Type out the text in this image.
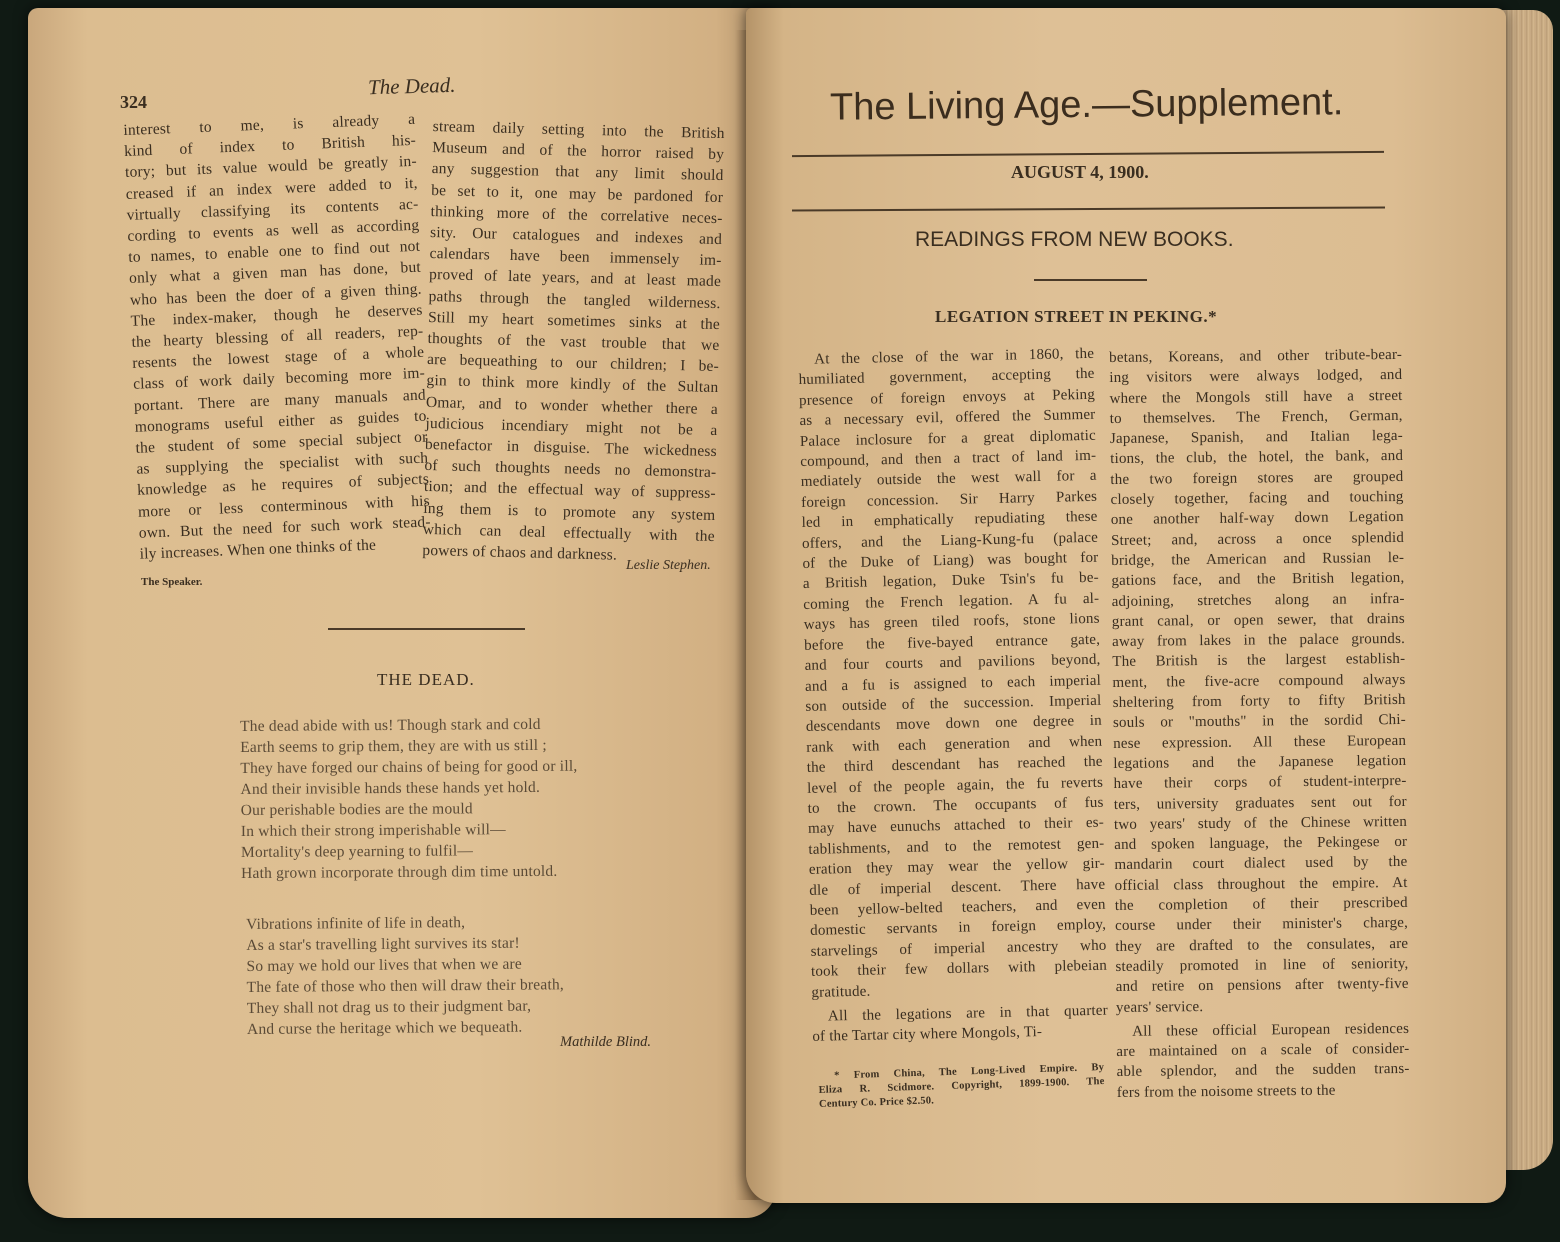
324
The Dead.
interest to me, is already a
kind of index to British his-
tory; but its value would be greatly in-
creased if an index were added to it,
virtually classifying its contents ac-
cording to events as well as according
to names, to enable one to find out not
only what a given man has done, but
who has been the doer of a given thing.
The index-maker, though he deserves
the hearty blessing of all readers, rep-
resents the lowest stage of a whole
class of work daily becoming more im-
portant. There are many manuals and
monograms useful either as guides to
the student of some special subject or
as supplying the specialist with such
knowledge as he requires of subjects
more or less conterminous with his
own. But the need for such work stead-
ily increases. When one thinks of the
stream daily setting into the British
Museum and of the horror raised by
any suggestion that any limit should
be set to it, one may be pardoned for
thinking more of the correlative neces-
sity. Our catalogues and indexes and
calendars have been immensely im-
proved of late years, and at least made
paths through the tangled wilderness.
Still my heart sometimes sinks at the
thoughts of the vast trouble that we
are bequeathing to our children; I be-
gin to think more kindly of the Sultan
Omar, and to wonder whether there a
judicious incendiary might not be a
benefactor in disguise. The wickedness
of such thoughts needs no demonstra-
tion; and the effectual way of suppress-
ing them is to promote any system
which can deal effectually with the
powers of chaos and darkness.
Leslie Stephen.
The Speaker.
THE DEAD.
The dead abide with us! Though stark and cold
Earth seems to grip them, they are with us still ;
They have forged our chains of being for good or ill,
And their invisible hands these hands yet hold.
Our perishable bodies are the mould
In which their strong imperishable will—
Mortality's deep yearning to fulfil—
Hath grown incorporate through dim time untold.
Vibrations infinite of life in death,
As a star's travelling light survives its star!
So may we hold our lives that when we are
The fate of those who then will draw their breath,
They shall not drag us to their judgment bar,
And curse the heritage which we bequeath.
Mathilde Blind.
The Living Age.—Supplement.
AUGUST 4, 1900.
READINGS FROM NEW BOOKS.
LEGATION STREET IN PEKING.*
At the close of the war in 1860, the
humiliated government, accepting the
presence of foreign envoys at Peking
as a necessary evil, offered the Summer
Palace inclosure for a great diplomatic
compound, and then a tract of land im-
mediately outside the west wall for a
foreign concession. Sir Harry Parkes
led in emphatically repudiating these
offers, and the Liang-Kung-fu (palace
of the Duke of Liang) was bought for
a British legation, Duke Tsin's fu be-
coming the French legation. A fu al-
ways has green tiled roofs, stone lions
before the five-bayed entrance gate,
and four courts and pavilions beyond,
and a fu is assigned to each imperial
son outside of the succession. Imperial
descendants move down one degree in
rank with each generation and when
the third descendant has reached the
level of the people again, the fu reverts
to the crown. The occupants of fus
may have eunuchs attached to their es-
tablishments, and to the remotest gen-
eration they may wear the yellow gir-
dle of imperial descent. There have
been yellow-belted teachers, and even
domestic servants in foreign employ,
starvelings of imperial ancestry who
took their few dollars with plebeian
gratitude.
All the legations are in that quarter
of the Tartar city where Mongols, Ti-
betans, Koreans, and other tribute-bear-
ing visitors were always lodged, and
where the Mongols still have a street
to themselves. The French, German,
Japanese, Spanish, and Italian lega-
tions, the club, the hotel, the bank, and
the two foreign stores are grouped
closely together, facing and touching
one another half-way down Legation
Street; and, across a once splendid
bridge, the American and Russian le-
gations face, and the British legation,
adjoining, stretches along an infra-
grant canal, or open sewer, that drains
away from lakes in the palace grounds.
The British is the largest establish-
ment, the five-acre compound always
sheltering from forty to fifty British
souls or "mouths" in the sordid Chi-
nese expression. All these European
legations and the Japanese legation
have their corps of student-interpre-
ters, university graduates sent out for
two years' study of the Chinese written
and spoken language, the Pekingese or
mandarin court dialect used by the
official class throughout the empire. At
the completion of their prescribed
course under their minister's charge,
they are drafted to the consulates, are
steadily promoted in line of seniority,
and retire on pensions after twenty-five
years' service.
All these official European residences
are maintained on a scale of consider-
able splendor, and the sudden trans-
fers from the noisome streets to the
* From China, The Long-Lived Empire. By
Eliza R. Scidmore. Copyright, 1899-1900. The
Century Co. Price $2.50.
